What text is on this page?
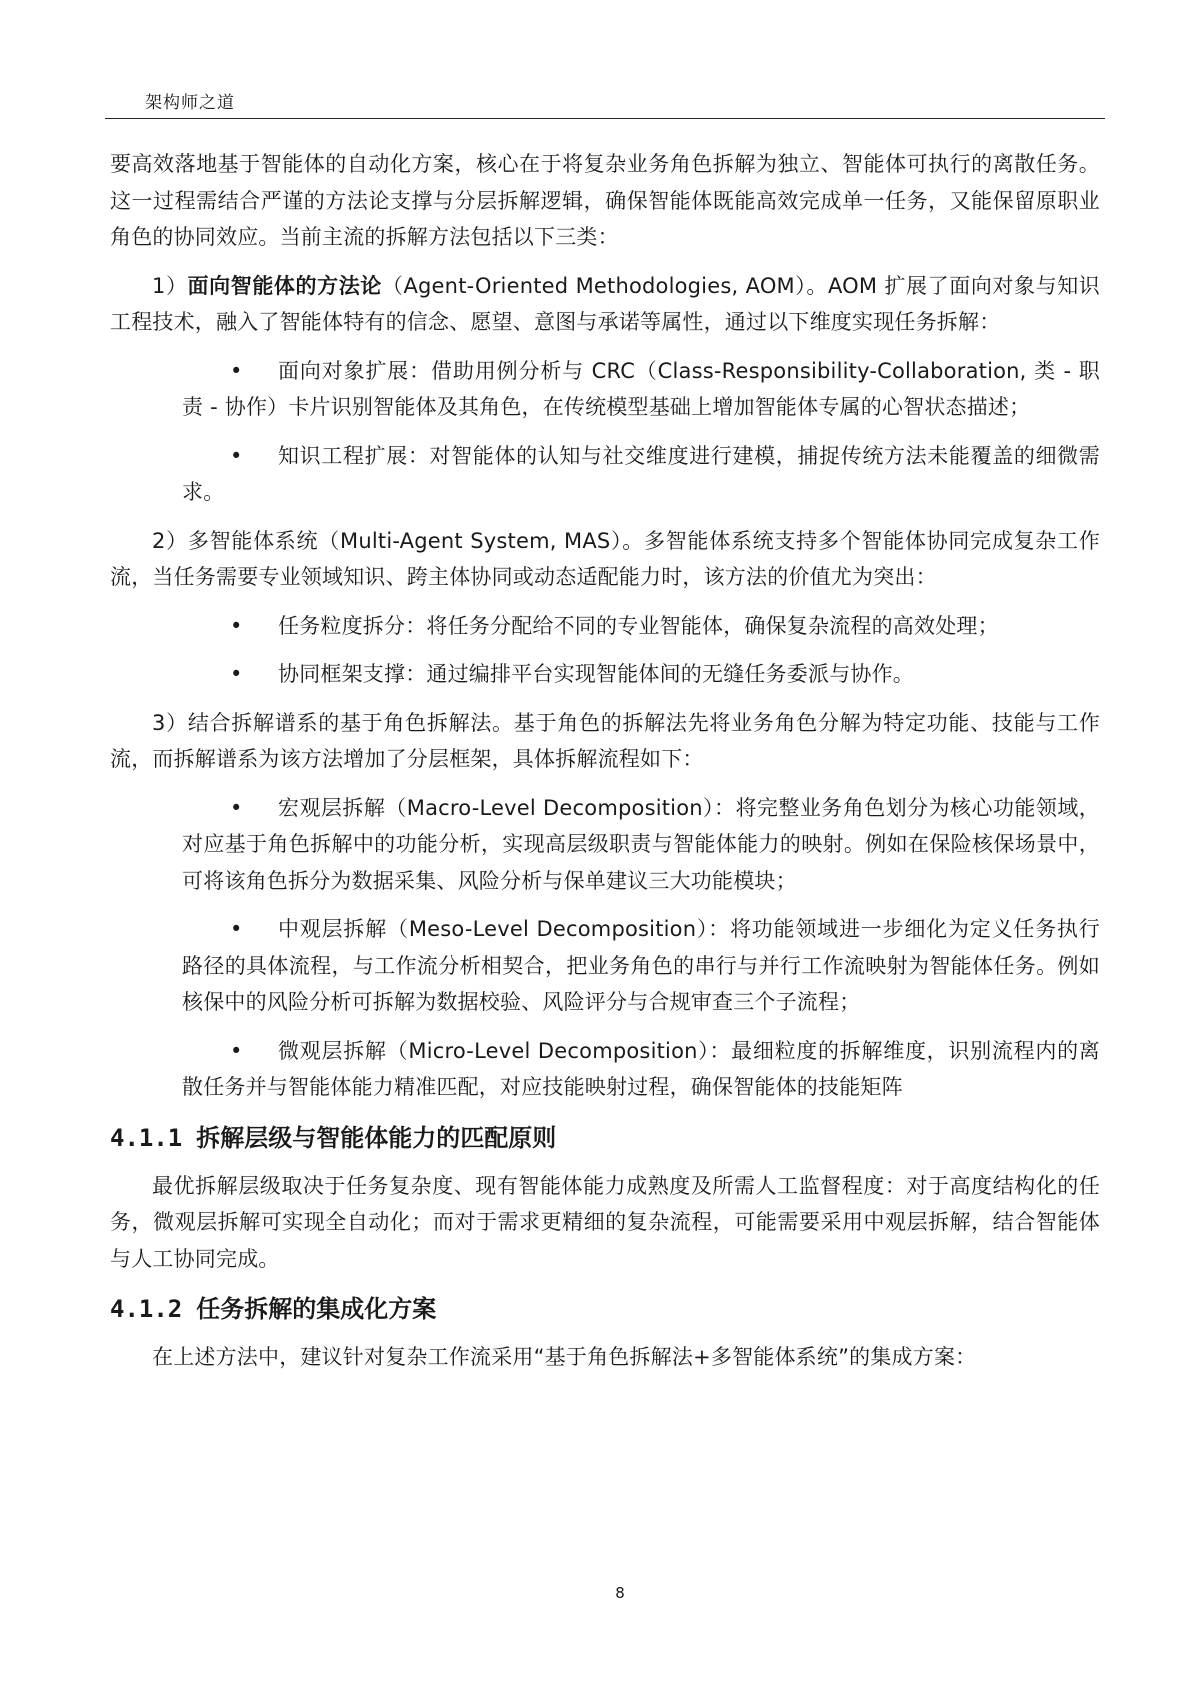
架构师之道

要高效落地基于智能体的自动化方案，核心在于将复杂业务角色拆解为独立、智能体可执行的离散任务。这一过程需结合严谨的方法论支撑与分层拆解逻辑，确保智能体既能高效完成单一任务，又能保留原职业角色的协同效应。当前主流的拆解方法包括以下三类：

1）面向智能体的方法论（Agent-Oriented Methodologies, AOM）。AOM 扩展了面向对象与知识工程技术，融入了智能体特有的信念、愿望、意图与承诺等属性，通过以下维度实现任务拆解：

• 面向对象扩展：借助用例分析与 CRC（Class-Responsibility-Collaboration, 类 - 职责 - 协作）卡片识别智能体及其角色，在传统模型基础上增加智能体专属的心智状态描述；

• 知识工程扩展：对智能体的认知与社交维度进行建模，捕捉传统方法未能覆盖的细微需求。

2）多智能体系统（Multi-Agent System, MAS）。多智能体系统支持多个智能体协同完成复杂工作流，当任务需要专业领域知识、跨主体协同或动态适配能力时，该方法的价值尤为突出：

• 任务粒度拆分：将任务分配给不同的专业智能体，确保复杂流程的高效处理；

• 协同框架支撑：通过编排平台实现智能体间的无缝任务委派与协作。

3）结合拆解谱系的基于角色拆解法。基于角色的拆解法先将业务角色分解为特定功能、技能与工作流，而拆解谱系为该方法增加了分层框架，具体拆解流程如下：

• 宏观层拆解（Macro-Level Decomposition）：将完整业务角色划分为核心功能领域，对应基于角色拆解中的功能分析，实现高层级职责与智能体能力的映射。例如在保险核保场景中，可将该角色拆分为数据采集、风险分析与保单建议三大功能模块；

• 中观层拆解（Meso-Level Decomposition）：将功能领域进一步细化为定义任务执行路径的具体流程，与工作流分析相契合，把业务角色的串行与并行工作流映射为智能体任务。例如核保中的风险分析可拆解为数据校验、风险评分与合规审查三个子流程；

• 微观层拆解（Micro-Level Decomposition）：最细粒度的拆解维度，识别流程内的离散任务并与智能体能力精准匹配，对应技能映射过程，确保智能体的技能矩阵

4.1.1 拆解层级与智能体能力的匹配原则

最优拆解层级取决于任务复杂度、现有智能体能力成熟度及所需人工监督程度：对于高度结构化的任务，微观层拆解可实现全自动化；而对于需求更精细的复杂流程，可能需要采用中观层拆解，结合智能体与人工协同完成。

4.1.2 任务拆解的集成化方案

在上述方法中，建议针对复杂工作流采用“基于角色拆解法+多智能体系统”的集成方案：

8
